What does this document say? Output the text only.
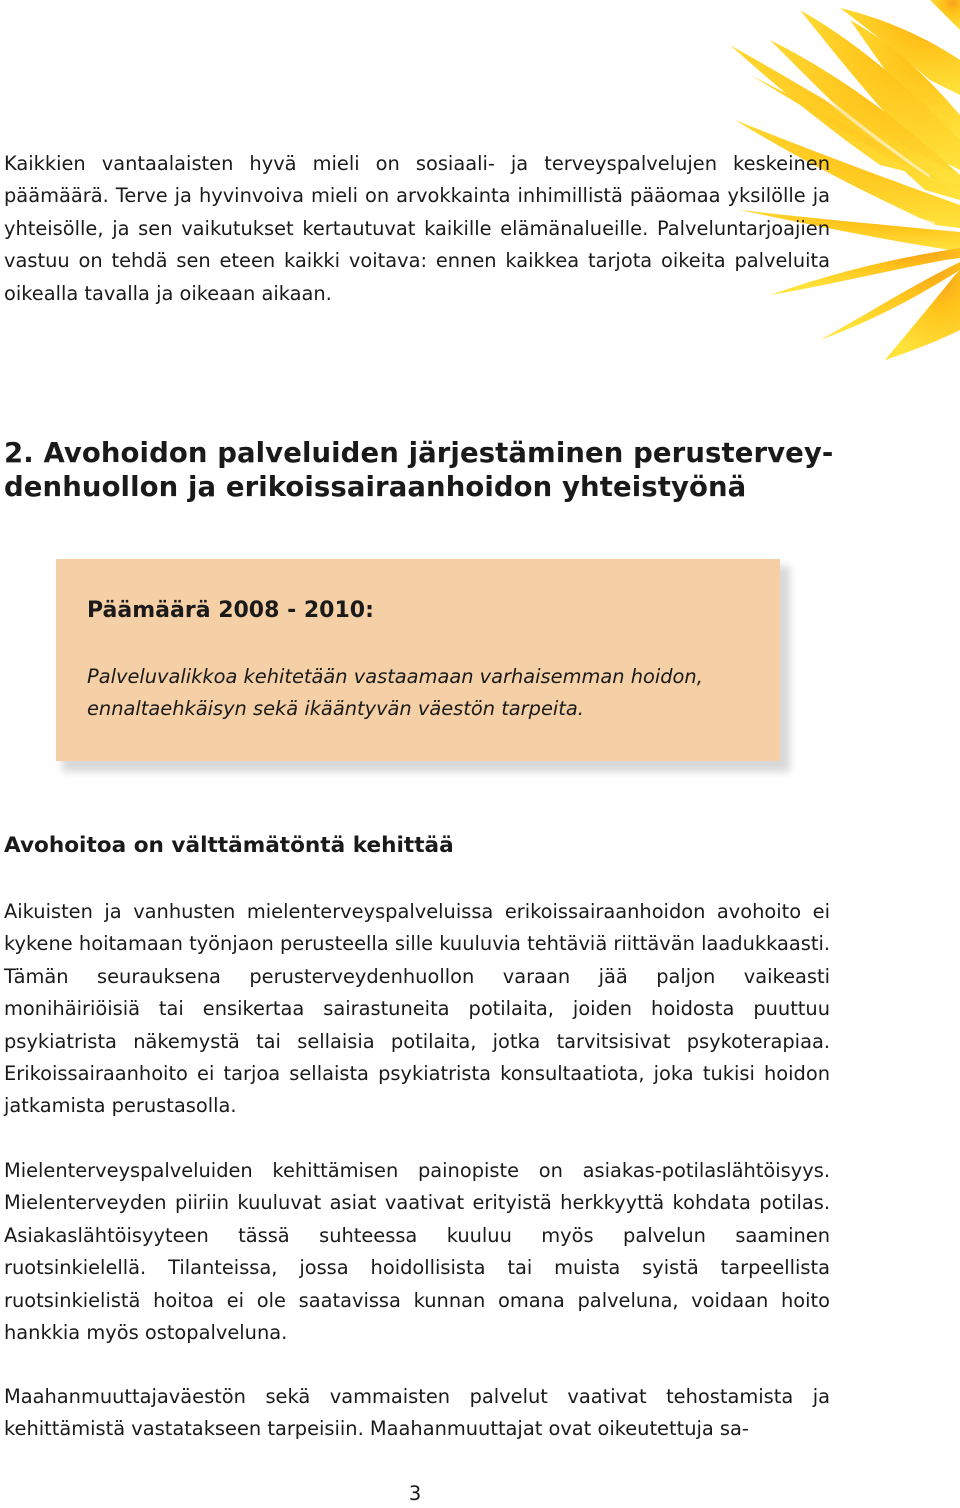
Kaikkien vantaalaisten hyvä mieli on sosiaali- ja terveyspalvelujen keskeinen päämäärä. Terve ja hyvinvoiva mieli on arvokkainta inhimillistä pääomaa yksilölle ja yhteisölle, ja sen vaikutukset kertautuvat kaikille elämänalueille. Palveluntarjoajien vastuu on tehdä sen eteen kaikki voitava: ennen kaikkea tarjota oikeita palveluita oikealla tavalla ja oikeaan aikaan.
2. Avohoidon palveluiden järjestäminen perustervey-
denhuollon ja erikoissairaanhoidon yhteistyönä
Päämäärä 2008 - 2010:
Palveluvalikkoa kehitetään vastaamaan varhaisemman hoidon, ennaltaehkäisyn sekä ikääntyvän väestön tarpeita.
Avohoitoa on välttämätöntä kehittää
Aikuisten ja vanhusten mielenterveyspalveluissa erikoissairaanhoidon avohoito ei kykene hoitamaan työnjaon perusteella sille kuuluvia tehtäviä riittävän laadukkaasti. Tämän seurauksena perusterveydenhuollon varaan jää paljon vaikeasti monihäiriöisiä tai ensikertaa sairastuneita potilaita, joiden hoidosta puuttuu psykiatrista näkemystä tai sellaisia potilaita, jotka tarvitsisivat psykoterapiaa. Erikoissairaanhoito ei tarjoa sellaista psykiatrista konsultaatiota, joka tukisi hoidon jatkamista perustasolla.
Mielenterveyspalveluiden kehittämisen painopiste on asiakas-potilaslähtöisyys. Mielenterveyden piiriin kuuluvat asiat vaativat erityistä herkkyyttä kohdata potilas. Asiakaslähtöisyyteen tässä suhteessa kuuluu myös palvelun saaminen ruotsinkielellä. Tilanteissa, jossa hoidollisista tai muista syistä tarpeellista ruotsinkielistä hoitoa ei ole saatavissa kunnan omana palveluna, voidaan hoito hankkia myös ostopalveluna.
Maahanmuuttajaväestön sekä vammaisten palvelut vaativat tehostamista ja kehittämistä vastatakseen tarpeisiin. Maahanmuuttajat ovat oikeutettuja sa-
3
